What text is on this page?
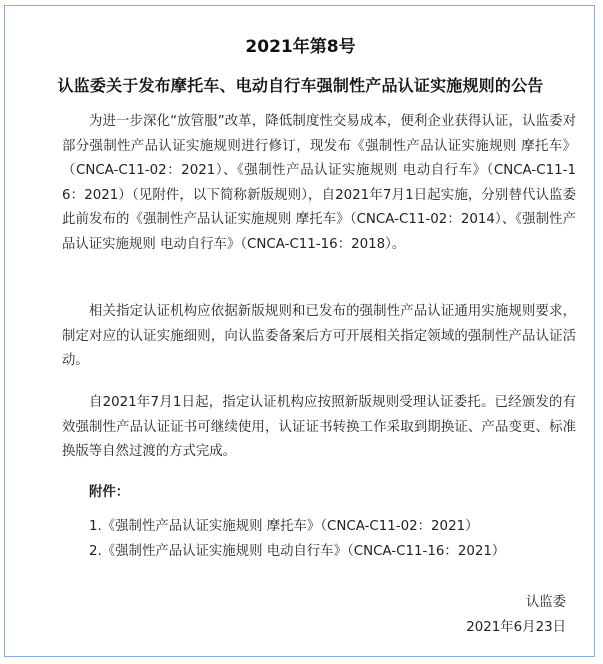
2021年第8号
认监委关于发布摩托车、电动自行车强制性产品认证实施规则的公告

为进一步深化“放管服”改革，降低制度性交易成本，便利企业获得认证，认监委对部分强制性产品认证实施规则进行修订，现发布《强制性产品认证实施规则 摩托车》（CNCA-C11-02：2021）、《强制性产品认证实施规则 电动自行车》（CNCA-C11-16：2021）（见附件，以下简称新版规则），自2021年7月1日起实施，分别替代认监委此前发布的《强制性产品认证实施规则 摩托车》（CNCA-C11-02：2014）、《强制性产品认证实施规则 电动自行车》（CNCA-C11-16：2018）。

相关指定认证机构应依据新版规则和已发布的强制性产品认证通用实施规则要求，制定对应的认证实施细则，向认监委备案后方可开展相关指定领域的强制性产品认证活动。

自2021年7月1日起，指定认证机构应按照新版规则受理认证委托。已经颁发的有效强制性产品认证证书可继续使用，认证证书转换工作采取到期换证、产品变更、标准换版等自然过渡的方式完成。

附件：
1.《强制性产品认证实施规则 摩托车》（CNCA-C11-02：2021）
2.《强制性产品认证实施规则 电动自行车》（CNCA-C11-16：2021）
认监委
2021年6月23日
